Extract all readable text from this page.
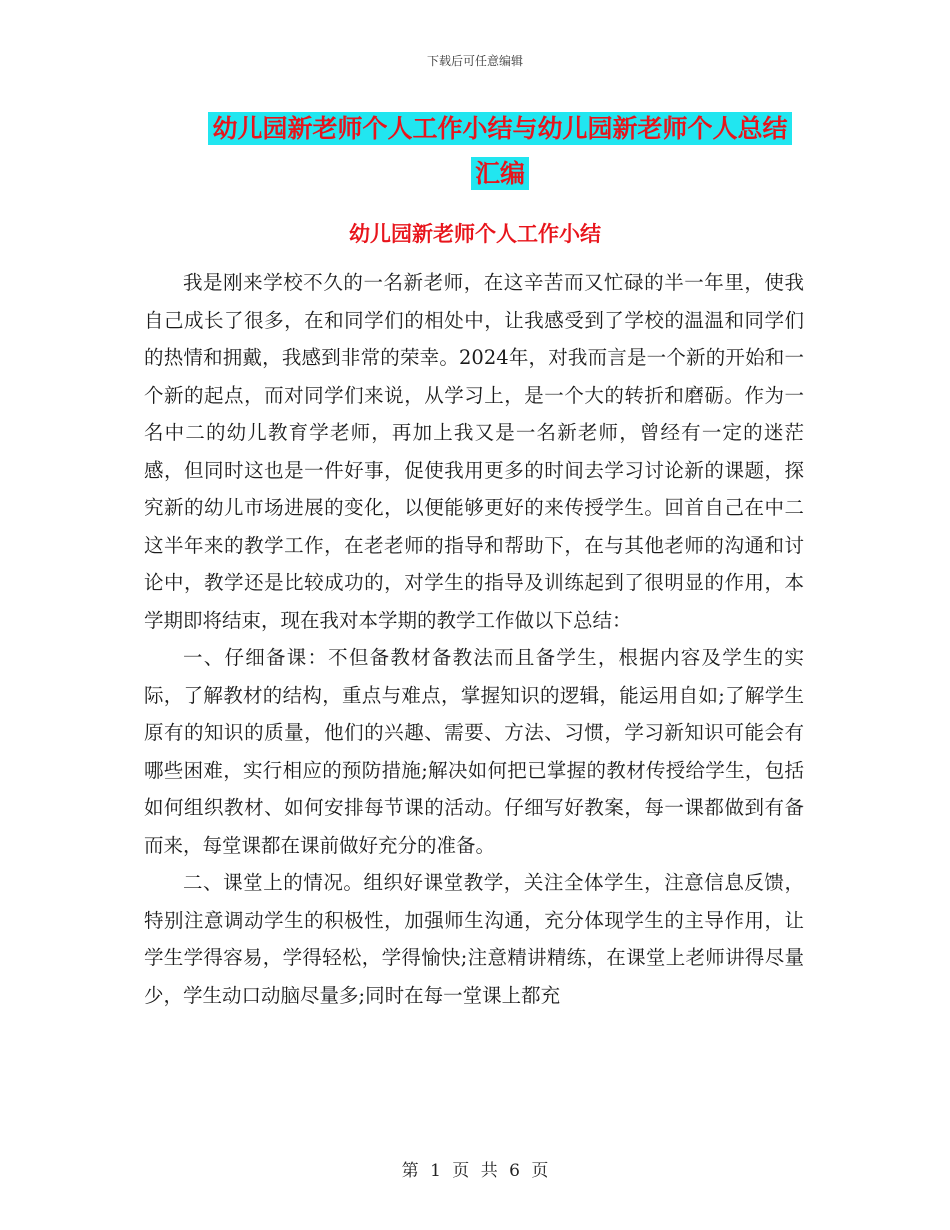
下载后可任意编辑
幼儿园新老师个人工作小结与幼儿园新老师个人总结
汇编
幼儿园新老师个人工作小结

我是刚来学校不久的一名新老师，在这辛苦而又忙碌的半一年里，使我自己成长了很多，在和同学们的相处中，让我感受到了学校的温温和同学们的热情和拥戴，我感到非常的荣幸。2024年，对我而言是一个新的开始和一个新的起点，而对同学们来说，从学习上，是一个大的转折和磨砺。作为一名中二的幼儿教育学老师，再加上我又是一名新老师，曾经有一定的迷茫感，但同时这也是一件好事，促使我用更多的时间去学习讨论新的课题，探究新的幼儿市场进展的变化，以便能够更好的来传授学生。回首自己在中二这半年来的教学工作，在老老师的指导和帮助下，在与其他老师的沟通和讨论中，教学还是比较成功的，对学生的指导及训练起到了很明显的作用，本学期即将结束，现在我对本学期的教学工作做以下总结：

一、仔细备课：不但备教材备教法而且备学生，根据内容及学生的实际，了解教材的结构，重点与难点，掌握知识的逻辑，能运用自如;了解学生原有的知识的质量，他们的兴趣、需要、方法、习惯，学习新知识可能会有哪些困难，实行相应的预防措施;解决如何把已掌握的教材传授给学生，包括如何组织教材、如何安排每节课的活动。仔细写好教案，每一课都做到有备而来，每堂课都在课前做好充分的准备。

二、课堂上的情况。组织好课堂教学，关注全体学生，注意信息反馈，特别注意调动学生的积极性，加强师生沟通，充分体现学生的主导作用，让学生学得容易，学得轻松，学得愉快;注意精讲精练，在课堂上老师讲得尽量少，学生动口动脑尽量多;同时在每一堂课上都充

第 1 页 共 6 页
